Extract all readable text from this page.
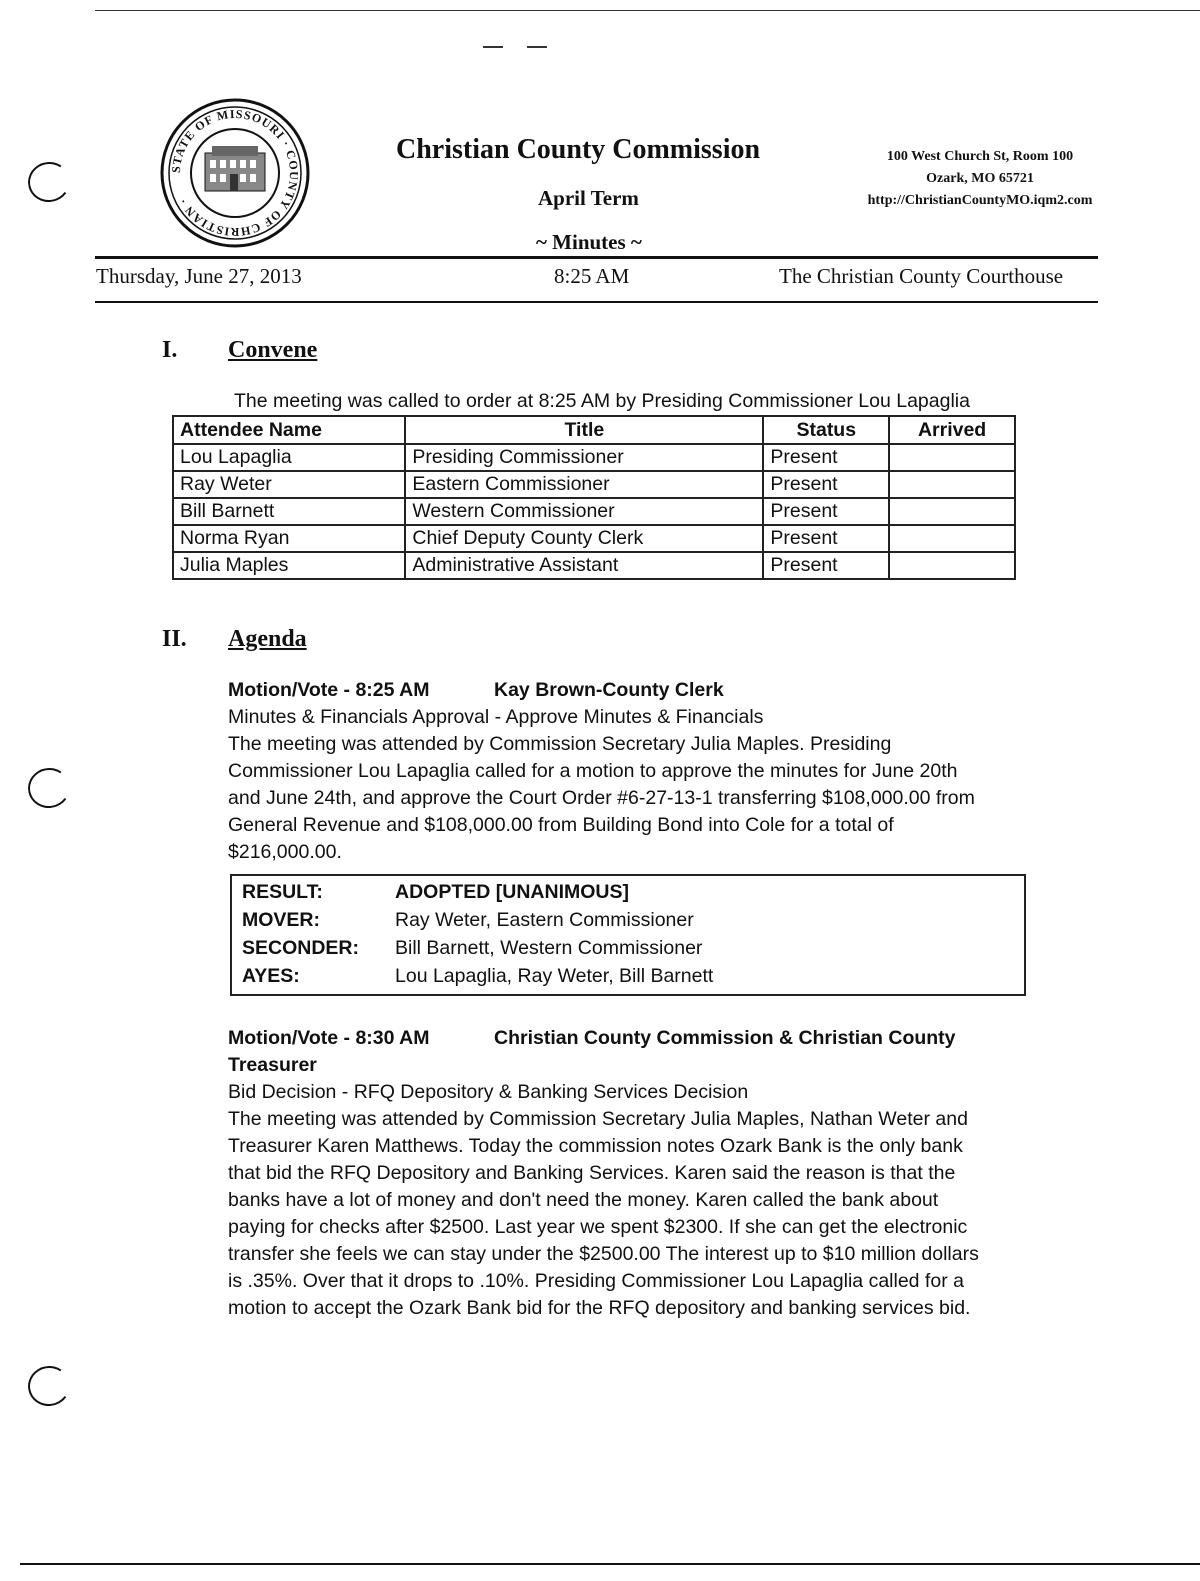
STATE OF MISSOURI · COUNTY OF CHRISTIAN ·
Christian County Commission
April Term
~ Minutes ~
100 West Church St, Room 100
Ozark, MO 65721
http://ChristianCountyMO.iqm2.com
Thursday, June 27, 2013	8:25 AM	The Christian County Courthouse
I. Convene
The meeting was called to order at 8:25 AM by Presiding Commissioner Lou Lapaglia
Attendee Name	Title	Status	Arrived
Lou Lapaglia	Presiding Commissioner	Present	
Ray Weter	Eastern Commissioner	Present	
Bill Barnett	Western Commissioner	Present	
Norma Ryan	Chief Deputy County Clerk	Present	
Julia Maples	Administrative Assistant	Present	
II. Agenda
Motion/Vote - 8:25 AM	Kay Brown-County Clerk
Minutes & Financials Approval - Approve Minutes & Financials
The meeting was attended by Commission Secretary Julia Maples. Presiding
Commissioner Lou Lapaglia called for a motion to approve the minutes for June 20th
and June 24th, and approve the Court Order #6-27-13-1 transferring $108,000.00 from
General Revenue and $108,000.00 from Building Bond into Cole for a total of
$216,000.00.
RESULT:	ADOPTED [UNANIMOUS]
MOVER:	Ray Weter, Eastern Commissioner
SECONDER:	Bill Barnett, Western Commissioner
AYES:	Lou Lapaglia, Ray Weter, Bill Barnett
Motion/Vote - 8:30 AM	Christian County Commission & Christian County
Treasurer
Bid Decision - RFQ Depository & Banking Services Decision
The meeting was attended by Commission Secretary Julia Maples, Nathan Weter and
Treasurer Karen Matthews. Today the commission notes Ozark Bank is the only bank
that bid the RFQ Depository and Banking Services. Karen said the reason is that the
banks have a lot of money and don't need the money. Karen called the bank about
paying for checks after $2500. Last year we spent $2300. If she can get the electronic
transfer she feels we can stay under the $2500.00 The interest up to $10 million dollars
is .35%. Over that it drops to .10%. Presiding Commissioner Lou Lapaglia called for a
motion to accept the Ozark Bank bid for the RFQ depository and banking services bid.
